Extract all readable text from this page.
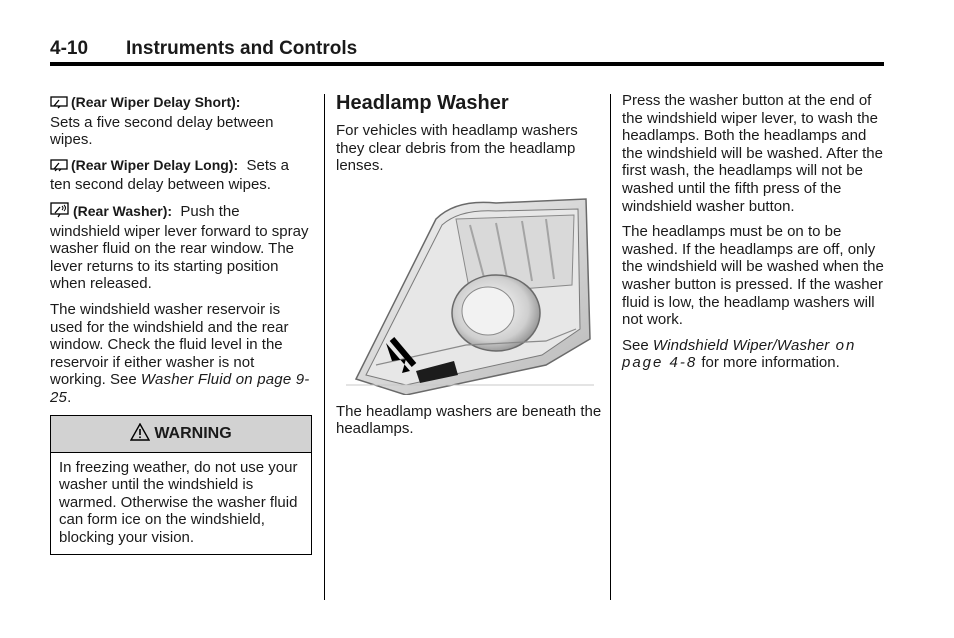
4-10 Instruments and Controls

(Rear Wiper Delay Short):
Sets a five second delay between wipes.

(Rear Wiper Delay Long): Sets a ten second delay between wipes.

(Rear Washer): Push the windshield wiper lever forward to spray washer fluid on the rear window. The lever returns to its starting position when released.

The windshield washer reservoir is used for the windshield and the rear window. Check the fluid level in the reservoir if either washer is not working. See Washer Fluid on page 9-25.

WARNING
In freezing weather, do not use your washer until the windshield is warmed. Otherwise the washer fluid can form ice on the windshield, blocking your vision.
Headlamp Washer

For vehicles with headlamp washers they clear debris from the headlamp lenses.

The headlamp washers are beneath the headlamps.

Press the washer button at the end of the windshield wiper lever, to wash the headlamps. Both the headlamps and the windshield will be washed. After the first wash, the headlamps will not be washed until the fifth press of the windshield washer button.

The headlamps must be on to be washed. If the headlamps are off, only the windshield will be washed when the washer button is pressed. If the washer fluid is low, the headlamp washers will not work.

See Windshield Wiper/Washer on page 4-8 for more information.
